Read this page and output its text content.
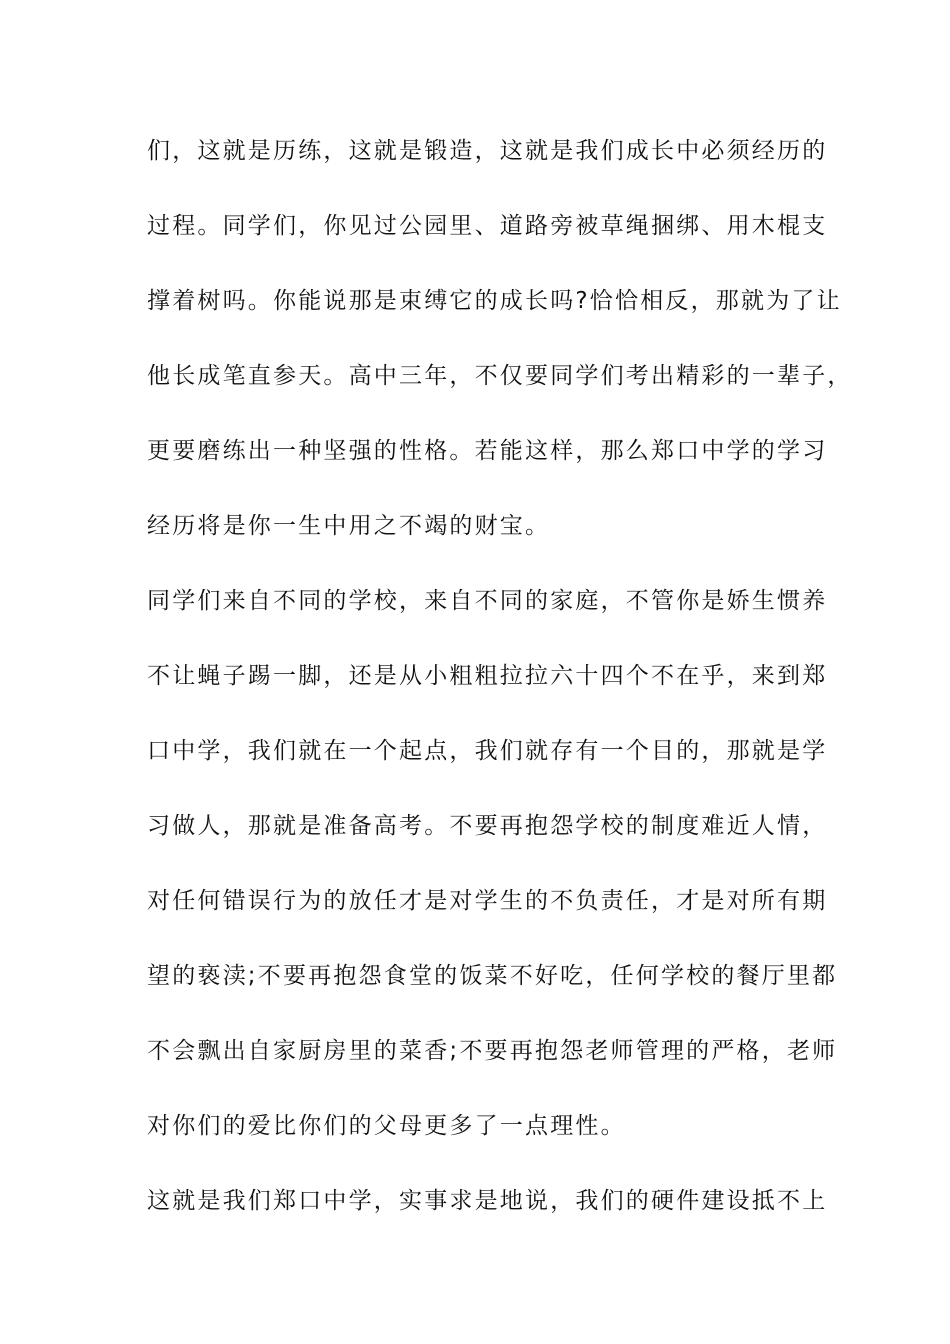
们，这就是历练，这就是锻造，这就是我们成长中必须经历的
过程。同学们，你见过公园里、道路旁被草绳捆绑、用木棍支
撑着树吗。你能说那是束缚它的成长吗?恰恰相反，那就为了让
他长成笔直参天。高中三年，不仅要同学们考出精彩的一辈子，
更要磨练出一种坚强的性格。若能这样，那么郑口中学的学习
经历将是你一生中用之不竭的财宝。
同学们来自不同的学校，来自不同的家庭，不管你是娇生惯养
不让蝇子踢一脚，还是从小粗粗拉拉六十四个不在乎，来到郑
口中学，我们就在一个起点，我们就存有一个目的，那就是学
习做人，那就是准备高考。不要再抱怨学校的制度难近人情，
对任何错误行为的放任才是对学生的不负责任，才是对所有期
望的亵渎;不要再抱怨食堂的饭菜不好吃，任何学校的餐厅里都
不会飘出自家厨房里的菜香;不要再抱怨老师管理的严格，老师
对你们的爱比你们的父母更多了一点理性。
这就是我们郑口中学，实事求是地说，我们的硬件建设抵不上
